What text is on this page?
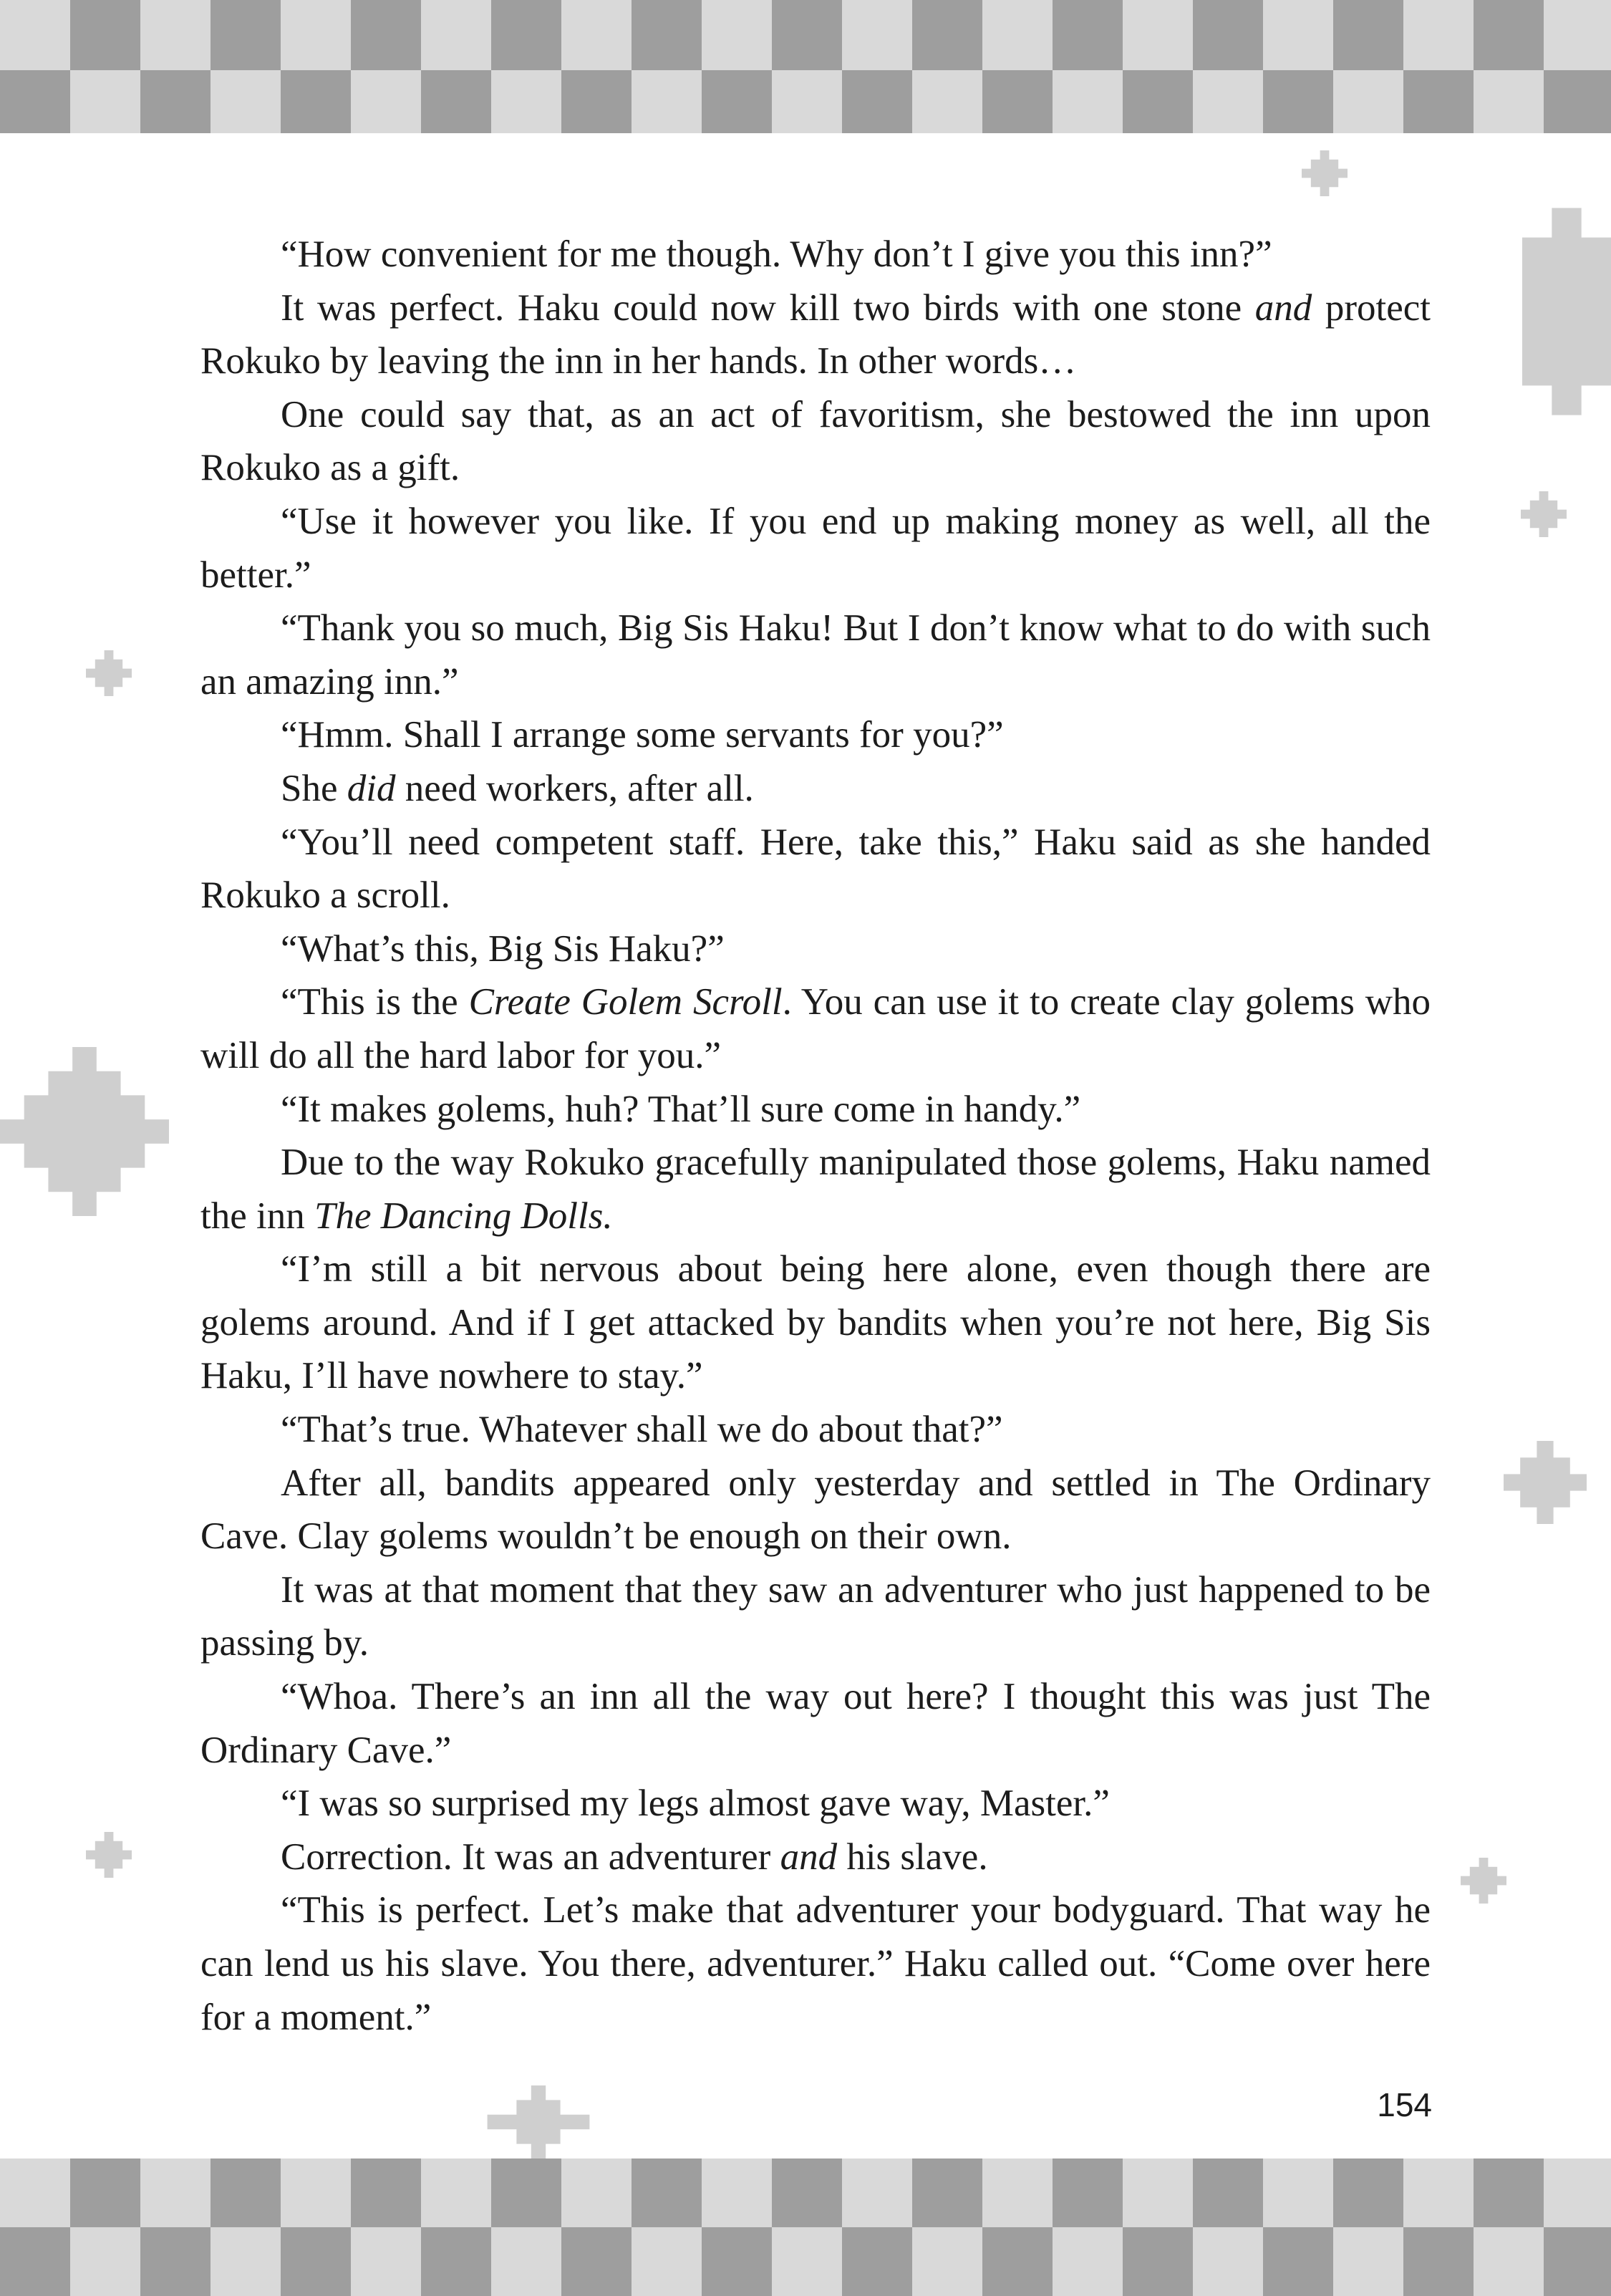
“How convenient for me though. Why don’t I give you this inn?”

It was perfect. Haku could now kill two birds with one stone and protect Rokuko by leaving the inn in her hands. In other words…

One could say that, as an act of favoritism, she bestowed the inn upon Rokuko as a gift.

“Use it however you like. If you end up making money as well, all the better.”

“Thank you so much, Big Sis Haku! But I don’t know what to do with such an amazing inn.”

“Hmm. Shall I arrange some servants for you?”

She did need workers, after all.

“You’ll need competent staff. Here, take this,” Haku said as she handed Rokuko a scroll.

“What’s this, Big Sis Haku?”

“This is the Create Golem Scroll. You can use it to create clay golems who will do all the hard labor for you.”

“It makes golems, huh? That’ll sure come in handy.”

Due to the way Rokuko gracefully manipulated those golems, Haku named the inn The Dancing Dolls.

“I’m still a bit nervous about being here alone, even though there are golems around. And if I get attacked by bandits when you’re not here, Big Sis Haku, I’ll have nowhere to stay.”

“That’s true. Whatever shall we do about that?”

After all, bandits appeared only yesterday and settled in The Ordinary Cave. Clay golems wouldn’t be enough on their own.

It was at that moment that they saw an adventurer who just happened to be passing by.

“Whoa. There’s an inn all the way out here? I thought this was just The Ordinary Cave.”

“I was so surprised my legs almost gave way, Master.”

Correction. It was an adventurer and his slave.

“This is perfect. Let’s make that adventurer your bodyguard. That way he can lend us his slave. You there, adventurer.” Haku called out. “Come over here for a moment.”

154
